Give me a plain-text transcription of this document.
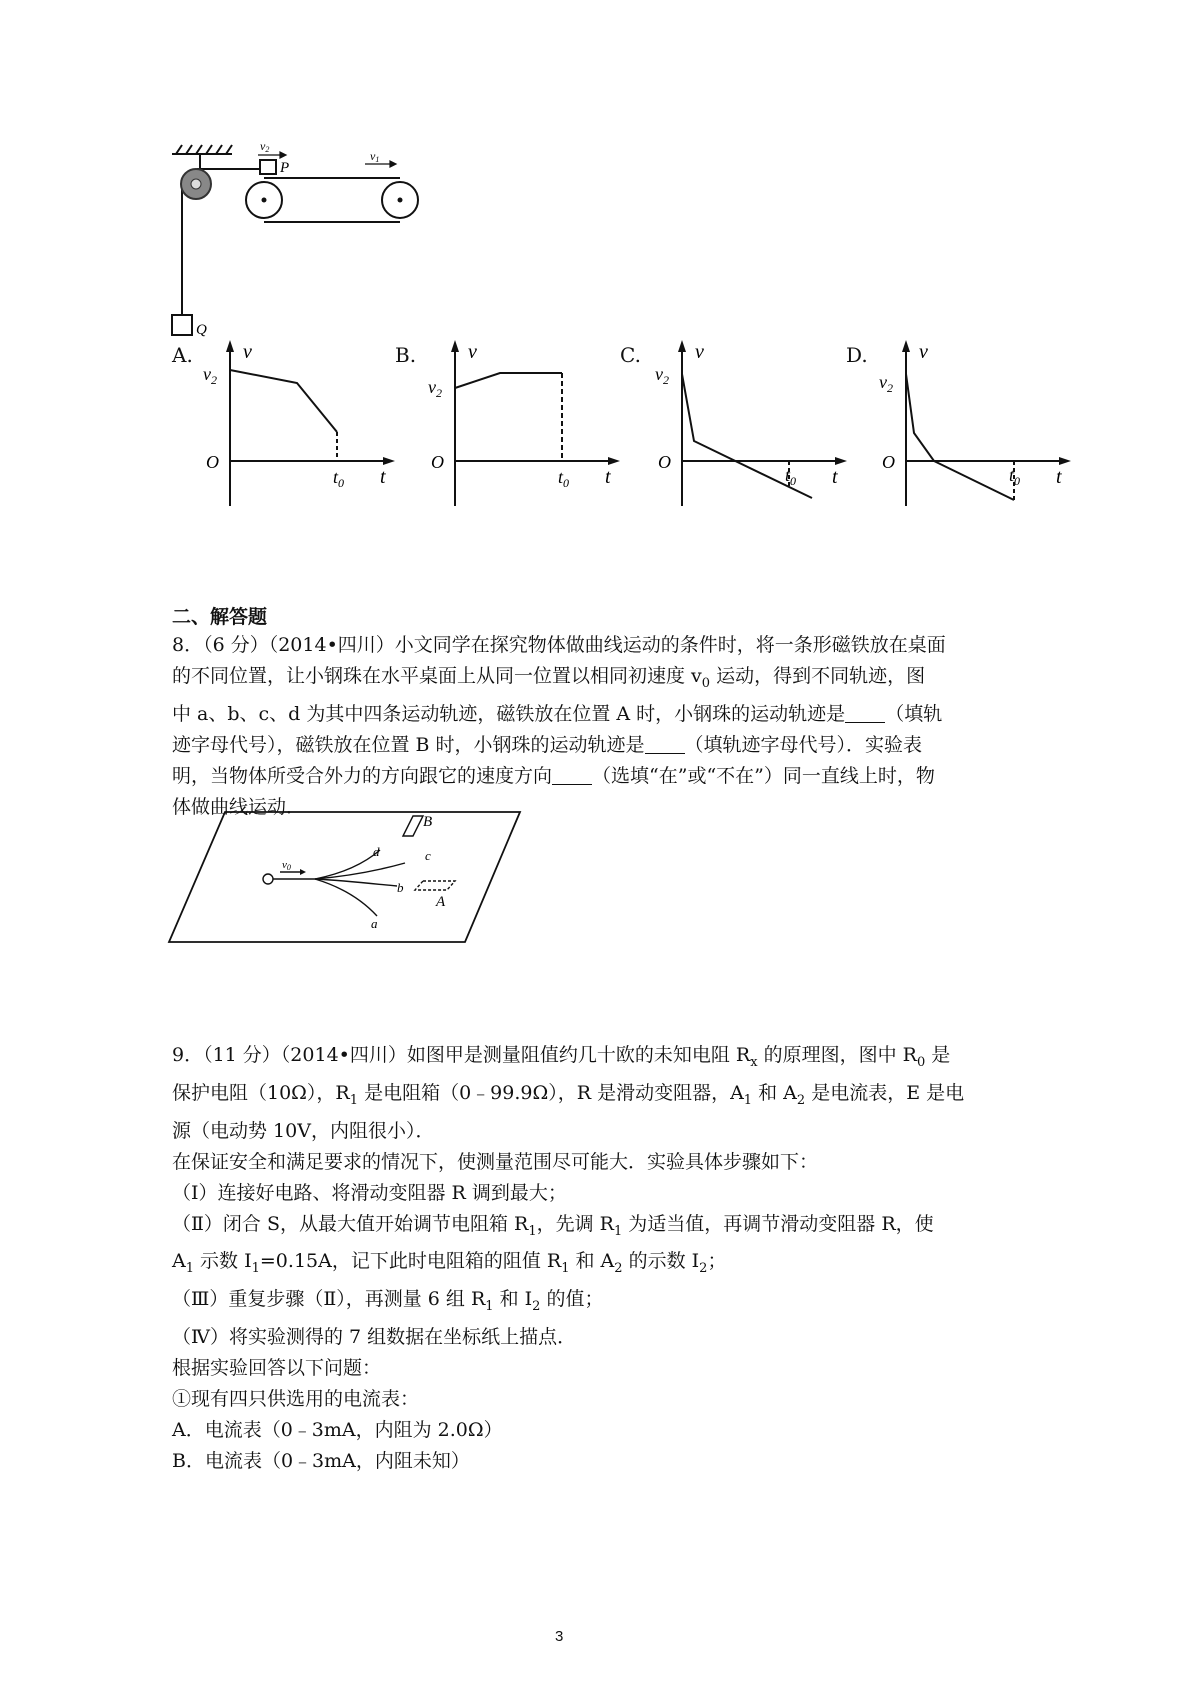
v2	v1
P
Q
A.	B.	C.	D.
v
t
O
$v_2$
$t_0$
v
t
O
$v_2$
$t_0$
v
t
O
$v_2$
$t_0$
v
t
O
$v_2$
$t_0$
二、解答题
8．（6 分）（2014•四川）小文同学在探究物体做曲线运动的条件时，将一条形磁铁放在桌面
的不同位置，让小钢珠在水平桌面上从同一位置以相同初速度 $v_0$ 运动，得到不同轨迹，图
中 a、b、c、d 为其中四条运动轨迹，磁铁放在位置 A 时，小钢珠的运动轨迹是 （填轨
迹字母代号），磁铁放在位置 B 时，小钢珠的运动轨迹是 （填轨迹字母代号）．实验表
明，当物体所受合外力的方向跟它的速度方向 （选填“在”或“不在”）同一直线上时，物
体做曲线运动．
v0
d	c
b
a
A
B
9．（11 分）（2014•四川）如图甲是测量阻值约几十欧的未知电阻 $R_x$ 的原理图，图中 $R_0$ 是
保护电阻（10Ω），$R_1$ 是电阻箱（0﹣99.9Ω），R 是滑动变阻器，$A_1$ 和 $A_2$ 是电流表，E 是电
源（电动势 10V，内阻很小）．
在保证安全和满足要求的情况下，使测量范围尽可能大．实验具体步骤如下：
（Ⅰ）连接好电路、将滑动变阻器 R 调到最大；
（Ⅱ）闭合 S，从最大值开始调节电阻箱 $R_1$，先调 $R_1$ 为适当值，再调节滑动变阻器 R，使
$A_1$ 示数 $I_1=0.15A$，记下此时电阻箱的阻值 $R_1$ 和 $A_2$ 的示数 $I_2$；
（Ⅲ）重复步骤（Ⅱ），再测量 6 组 $R_1$ 和 $I_2$ 的值；
（Ⅳ）将实验测得的 7 组数据在坐标纸上描点．
根据实验回答以下问题：
①现有四只供选用的电流表：
A．电流表（0﹣3mA，内阻为 2.0Ω）
B．电流表（0﹣3mA，内阻未知）
3
